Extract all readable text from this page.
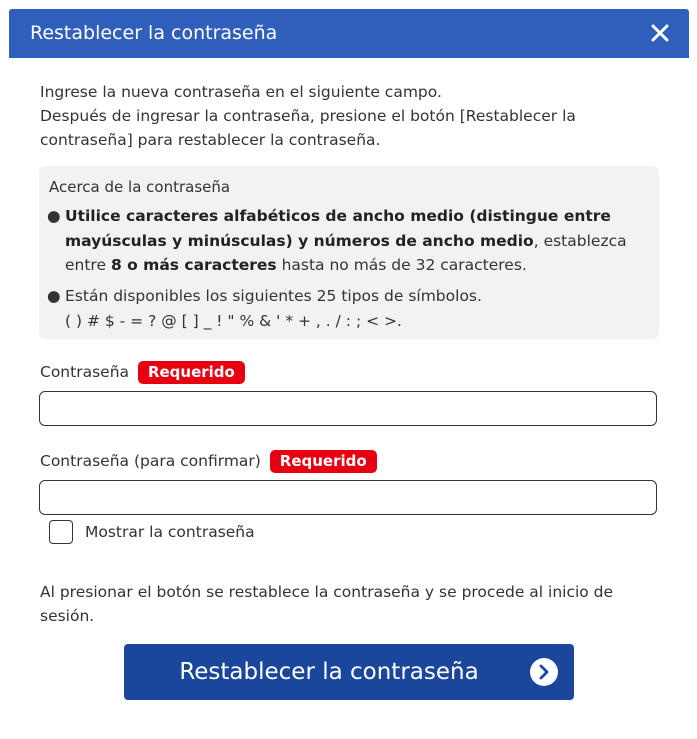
Restablecer la contraseña
Ingrese la nueva contraseña en el siguiente campo.
Después de ingresar la contraseña, presione el botón [Restablecer la
contraseña] para restablecer la contraseña.
Acerca de la contraseña
● Utilice caracteres alfabéticos de ancho medio (distingue entre
mayúsculas y minúsculas) y números de ancho medio, establezca
entre 8 o más caracteres hasta no más de 32 caracteres.
● Están disponibles los siguientes 25 tipos de símbolos.
( ) # $ - = ? @ [ ] _ ! " % & ' * + , . / : ; < >.
Contraseña Requerido
Contraseña (para confirmar) Requerido
Mostrar la contraseña
Al presionar el botón se restablece la contraseña y se procede al inicio de
sesión.
Restablecer la contraseña
